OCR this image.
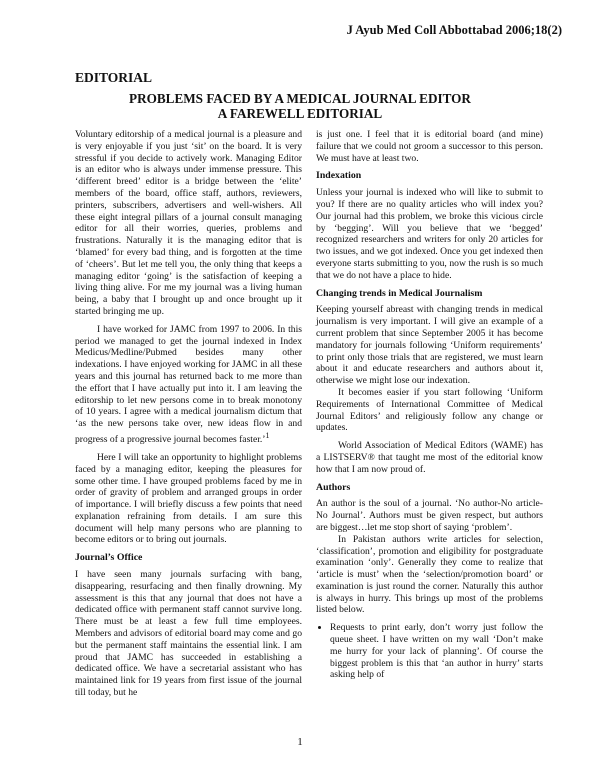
J Ayub Med Coll Abbottabad 2006;18(2)

EDITORIAL

PROBLEMS FACED BY A MEDICAL JOURNAL EDITOR
A FAREWELL EDITORIAL

Voluntary editorship of a medical journal is a pleasure and is very enjoyable if you just ‘sit’ on the board. It is very stressful if you decide to actively work. Managing Editor is an editor who is always under immense pressure. This ‘different breed’ editor is a bridge between the ‘elite’ members of the board, office staff, authors, reviewers, printers, subscribers, advertisers and well-wishers. All these eight integral pillars of a journal consult managing editor for all their worries, queries, problems and frustrations. Naturally it is the managing editor that is ‘blamed’ for every bad thing, and is forgotten at the time of ‘cheers’. But let me tell you, the only thing that keeps a managing editor ‘going’ is the satisfaction of keeping a living thing alive. For me my journal was a living human being, a baby that I brought up and once brought up it started bringing me up.

I have worked for JAMC from 1997 to 2006. In this period we managed to get the journal indexed in Index Medicus/Medline/Pubmed besides many other indexations. I have enjoyed working for JAMC in all these years and this journal has returned back to me more than the effort that I have actually put into it. I am leaving the editorship to let new persons come in to break monotony of 10 years. I agree with a medical journalism dictum that ‘as the new persons take over, new ideas flow in and progress of a progressive journal becomes faster.’$^1$

Here I will take an opportunity to highlight problems faced by a managing editor, keeping the pleasures for some other time. I have grouped problems faced by me in order of gravity of problem and arranged groups in order of importance. I will briefly discuss a few points that need explanation refraining from details. I am sure this document will help many persons who are planning to become editors or to bring out journals.

Journal’s Office

I have seen many journals surfacing with bang, disappearing, resurfacing and then finally drowning. My assessment is this that any journal that does not have a dedicated office with permanent staff cannot survive long. There must be at least a few full time employees. Members and advisors of editorial board may come and go but the permanent staff maintains the essential link. I am proud that JAMC has succeeded in establishing a dedicated office. We have a secretarial assistant who has maintained link for 19 years from first issue of the journal till today, but he

is just one. I feel that it is editorial board (and mine) failure that we could not groom a successor to this person. We must have at least two.

Indexation

Unless your journal is indexed who will like to submit to you? If there are no quality articles who will index you? Our journal had this problem, we broke this vicious circle by ‘begging’. Will you believe that we ‘begged’ recognized researchers and writers for only 20 articles for two issues, and we got indexed. Once you get indexed then everyone starts submitting to you, now the rush is so much that we do not have a place to hide.

Changing trends in Medical Journalism

Keeping yourself abreast with changing trends in medical journalism is very important. I will give an example of a current problem that since September 2005 it has become mandatory for journals following ‘Uniform requirements’ to print only those trials that are registered, we must learn about it and educate researchers and authors about it, otherwise we might lose our indexation.

It becomes easier if you start following ‘Uniform Requirements of International Committee of Medical Journal Editors’ and religiously follow any change or updates.

World Association of Medical Editors (WAME) has a LISTSERV® that taught me most of the editorial know how that I am now proud of.

Authors

An author is the soul of a journal. ‘No author-No article-No Journal’. Authors must be given respect, but authors are biggest…let me stop short of saying ‘problem’.

In Pakistan authors write articles for selection, ‘classification’, promotion and eligibility for postgraduate examination ‘only’. Generally they come to realize that ‘article is must’ when the ‘selection/promotion board’ or examination is just round the corner. Naturally this author is always in hurry. This brings up most of the problems listed below.

• Requests to print early, don’t worry just follow the queue sheet. I have written on my wall ‘Don’t make me hurry for your lack of planning’. Of course the biggest problem is this that ‘an author in hurry’ starts asking help of

1
